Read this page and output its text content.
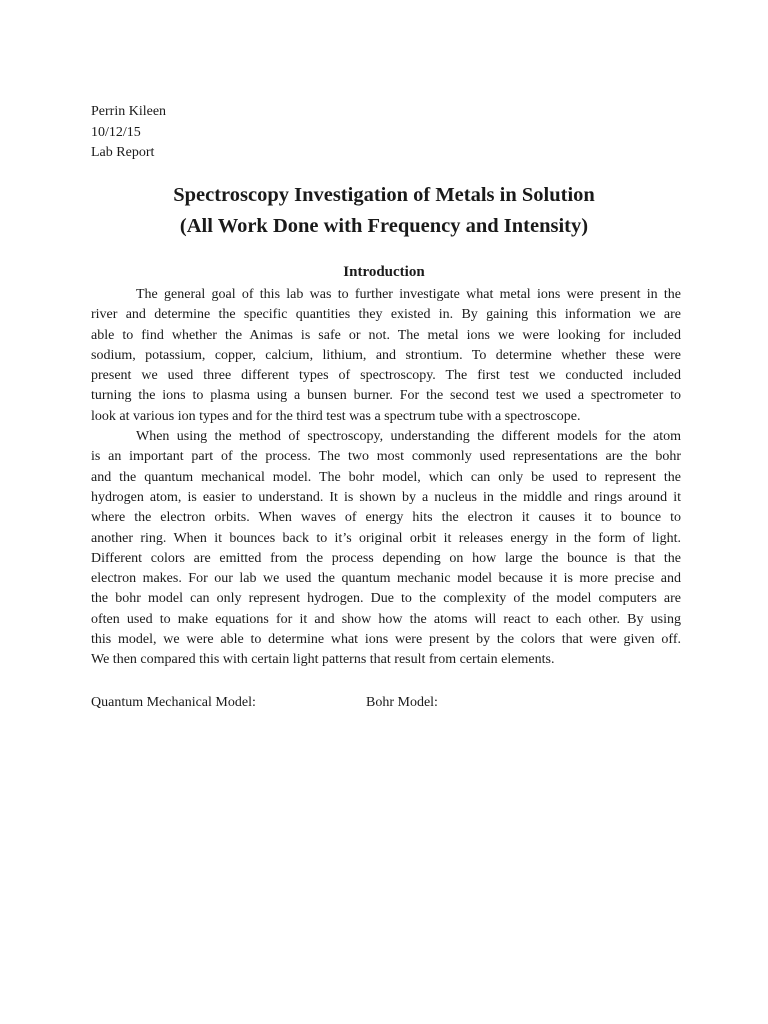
Perrin Kileen
10/12/15
Lab Report
Spectroscopy Investigation of Metals in Solution
(All Work Done with Frequency and Intensity)
Introduction
The general goal of this lab was to further investigate what metal ions were present in the
river and determine the specific quantities they existed in. By gaining this information we are
able to find whether the Animas is safe or not. The metal ions we were looking for included
sodium, potassium, copper, calcium, lithium, and strontium. To determine whether these were
present we used three different types of spectroscopy. The first test we conducted included
turning the ions to plasma using a bunsen burner. For the second test we used a spectrometer to
look at various ion types and for the third test was a spectrum tube with a spectroscope.
When using the method of spectroscopy, understanding the different models for the atom
is an important part of the process. The two most commonly used representations are the bohr
and the quantum mechanical model. The bohr model, which can only be used to represent the
hydrogen atom, is easier to understand. It is shown by a nucleus in the middle and rings around it
where the electron orbits. When waves of energy hits the electron it causes it to bounce to
another ring. When it bounces back to it’s original orbit it releases energy in the form of light.
Different colors are emitted from the process depending on how large the bounce is that the
electron makes. For our lab we used the quantum mechanic model because it is more precise and
the bohr model can only represent hydrogen. Due to the complexity of the model computers are
often used to make equations for it and show how the atoms will react to each other. By using
this model, we were able to determine what ions were present by the colors that were given off.
We then compared this with certain light patterns that result from certain elements.
Quantum Mechanical Model:	Bohr Model:
